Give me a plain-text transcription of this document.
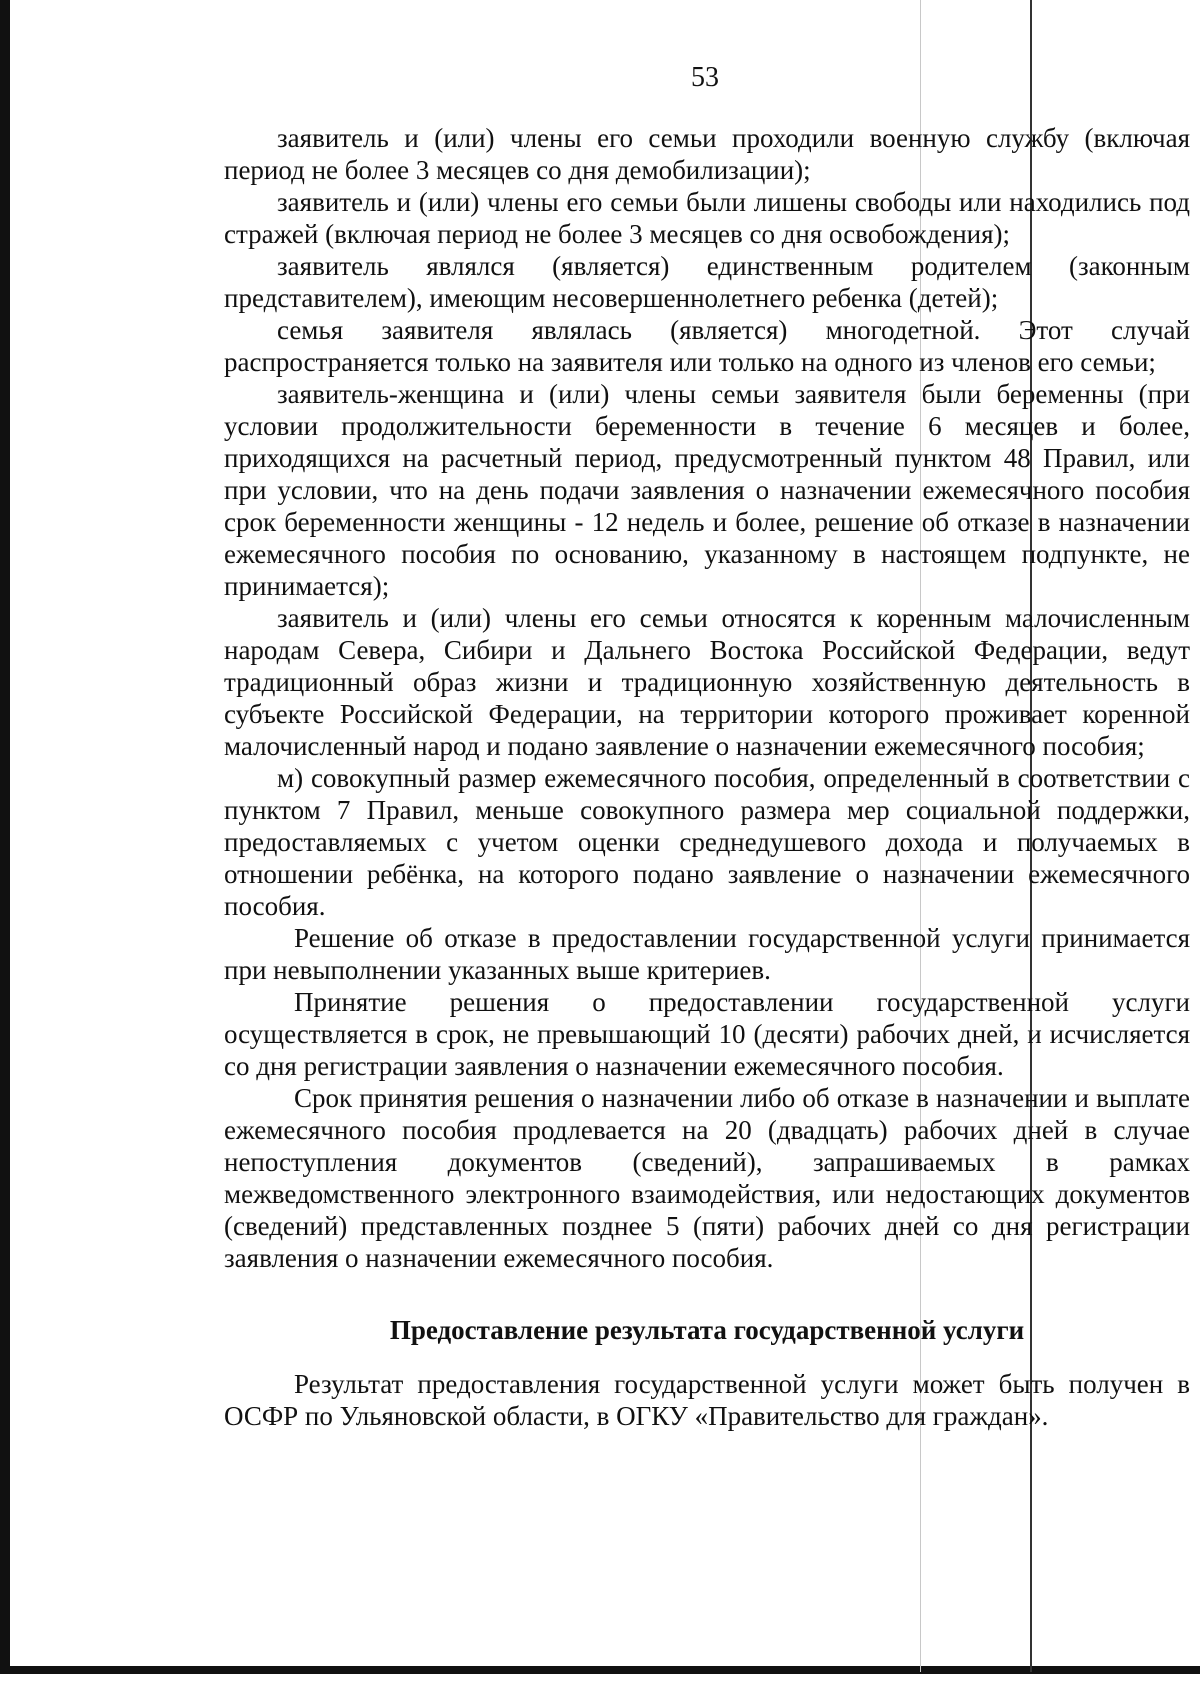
53

заявитель и (или) члены его семьи проходили военную службу (включая период не более 3 месяцев со дня демобилизации);

заявитель и (или) члены его семьи были лишены свободы или находились под стражей (включая период не более 3 месяцев со дня освобождения);

заявитель являлся (является) единственным родителем (законным представителем), имеющим несовершеннолетнего ребенка (детей);

семья заявителя являлась (является) многодетной. Этот случай распространяется только на заявителя или только на одного из членов его семьи;

заявитель-женщина и (или) члены семьи заявителя были беременны (при условии продолжительности беременности в течение 6 месяцев и более, приходящихся на расчетный период, предусмотренный пунктом 48 Правил, или при условии, что на день подачи заявления о назначении ежемесячного пособия срок беременности женщины - 12 недель и более, решение об отказе в назначении ежемесячного пособия по основанию, указанному в настоящем подпункте, не принимается);

заявитель и (или) члены его семьи относятся к коренным малочисленным народам Севера, Сибири и Дальнего Востока Российской Федерации, ведут традиционный образ жизни и традиционную хозяйственную деятельность в субъекте Российской Федерации, на территории которого проживает коренной малочисленный народ и подано заявление о назначении ежемесячного пособия;

м) совокупный размер ежемесячного пособия, определенный в соответствии с пунктом 7 Правил, меньше совокупного размера мер социальной поддержки, предоставляемых с учетом оценки среднедушевого дохода и получаемых в отношении ребёнка, на которого подано заявление о назначении ежемесячного пособия.

Решение об отказе в предоставлении государственной услуги принимается при невыполнении указанных выше критериев.

Принятие решения о предоставлении государственной услуги осуществляется в срок, не превышающий 10 (десяти) рабочих дней, и исчисляется со дня регистрации заявления о назначении ежемесячного пособия.

Срок принятия решения о назначении либо об отказе в назначении и выплате ежемесячного пособия продлевается на 20 (двадцать) рабочих дней в случае непоступления документов (сведений), запрашиваемых в рамках межведомственного электронного взаимодействия, или недостающих документов (сведений) представленных позднее 5 (пяти) рабочих дней со дня регистрации заявления о назначении ежемесячного пособия.

Предоставление результата государственной услуги

Результат предоставления государственной услуги может быть получен в ОСФР по Ульяновской области, в ОГКУ «Правительство для граждан».
